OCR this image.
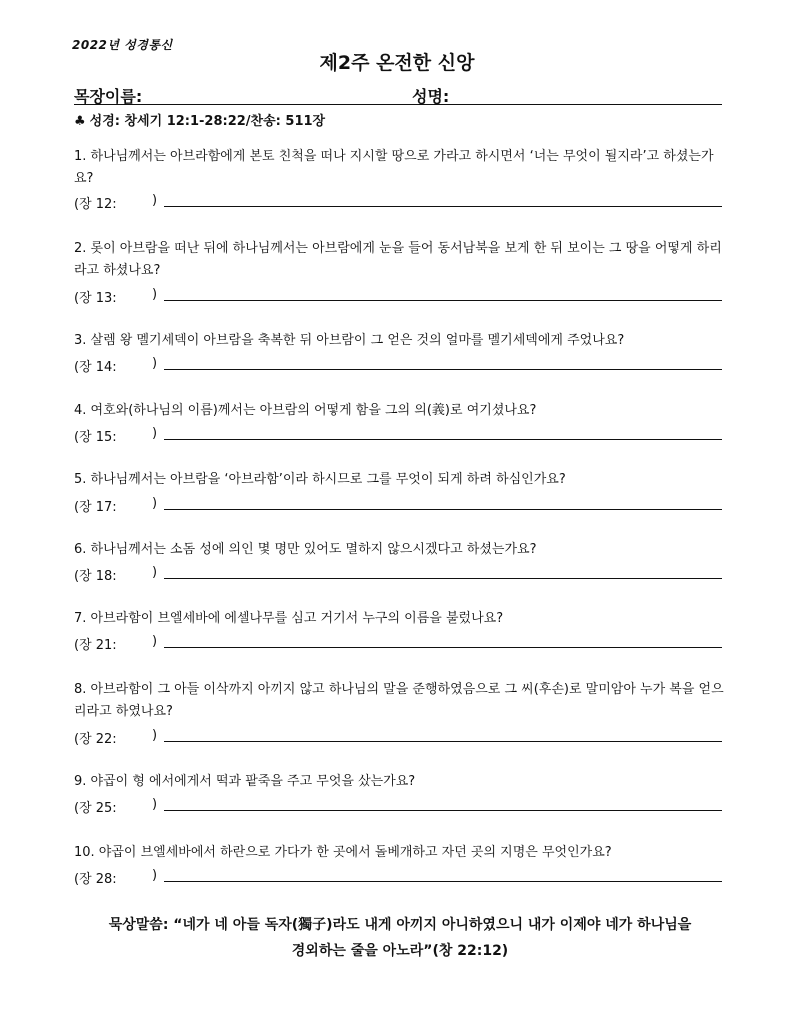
2022년 성경통신
제2주 온전한 신앙
목장이름:	성명:
♣ 성경: 창세기 12:1-28:22/찬송: 511장
1. 하나님께서는 아브라함에게 본토 친척을 떠나 지시할 땅으로 가라고 하시면서 ‘너는 무엇이 될지라’고 하셨는가요?
(장 12:	)
2. 롯이 아브람을 떠난 뒤에 하나님께서는 아브람에게 눈을 들어 동서남북을 보게 한 뒤 보이는 그 땅을 어떻게 하리라고 하셨나요?
(장 13:	)
3. 살렘 왕 멜기세덱이 아브람을 축복한 뒤 아브람이 그 얻은 것의 얼마를 멜기세덱에게 주었나요?
(장 14:	)
4. 여호와(하나님의 이름)께서는 아브람의 어떻게 함을 그의 의(義)로 여기셨나요?
(장 15:	)
5. 하나님께서는 아브람을 ‘아브라함’이라 하시므로 그를 무엇이 되게 하려 하심인가요?
(장 17:	)
6. 하나님께서는 소돔 성에 의인 몇 명만 있어도 멸하지 않으시겠다고 하셨는가요?
(장 18:	)
7. 아브라함이 브엘세바에 에셀나무를 심고 거기서 누구의 이름을 불렀나요?
(장 21:	)
8. 아브라함이 그 아들 이삭까지 아끼지 않고 하나님의 말을 준행하였음으로 그 씨(후손)로 말미암아 누가 복을 얻으리라고 하였나요?
(장 22:	)
9. 야곱이 형 에서에게서 떡과 팥죽을 주고 무엇을 샀는가요?
(장 25:	)
10. 야곱이 브엘세바에서 하란으로 가다가 한 곳에서 돌베개하고 자던 곳의 지명은 무엇인가요?
(장 28:	)
묵상말씀: “네가 네 아들 독자(獨子)라도 내게 아끼지 아니하였으니 내가 이제야 네가 하나님을
경외하는 줄을 아노라”(창 22:12)
